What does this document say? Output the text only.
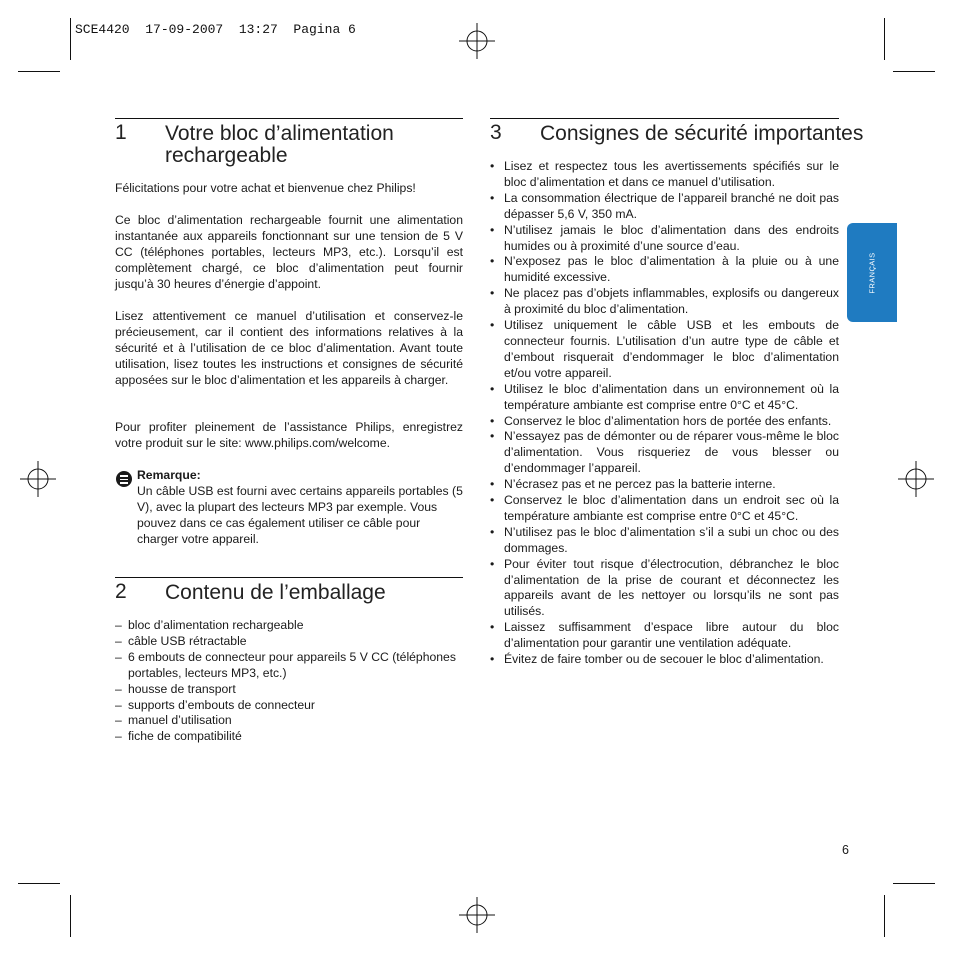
SCE4420  17-09-2007  13:27  Pagina 6
FRANÇAIS
1 Votre bloc d’alimentation
rechargeable

Félicitations pour votre achat et bienvenue chez Philips!

Ce bloc d’alimentation rechargeable fournit une alimentation instantanée aux appareils fonctionnant sur une tension de 5 V CC (téléphones portables, lecteurs MP3, etc.). Lorsqu’il est complètement chargé, ce bloc d’alimentation peut fournir jusqu’à 30 heures d’énergie d’appoint.

Lisez attentivement ce manuel d’utilisation et conservez-le précieusement, car il contient des informations relatives à la sécurité et à l’utilisation de ce bloc d’alimentation. Avant toute utilisation, lisez toutes les instructions et consignes de sécurité apposées sur le bloc d’alimentation et les appareils à charger.

Pour profiter pleinement de l’assistance Philips, enregistrez votre produit sur le site: www.philips.com/welcome.

Remarque:

Un câble USB est fourni avec certains appareils portables (5 V), avec la plupart des lecteurs MP3 par exemple. Vous pouvez dans ce cas également utiliser ce câble pour charger votre appareil.

2 Contenu de l’emballage
– bloc d’alimentation rechargeable
– câble USB rétractable
– 6 embouts de connecteur pour appareils 5 V CC (téléphones portables, lecteurs MP3, etc.)
– housse de transport
– supports d’embouts de connecteur
– manuel d’utilisation
– fiche de compatibilité
3 Consignes de sécurité importantes
• Lisez et respectez tous les avertissements spécifiés sur le bloc d’alimentation et dans ce manuel d’utilisation.
• La consommation électrique de l’appareil branché ne doit pas dépasser 5,6 V, 350 mA.
• N’utilisez jamais le bloc d’alimentation dans des endroits humides ou à proximité d’une source d’eau.
• N’exposez pas le bloc d’alimentation à la pluie ou à une humidité excessive.
• Ne placez pas d’objets inflammables, explosifs ou dangereux à proximité du bloc d’alimentation.
• Utilisez uniquement le câble USB et les embouts de connecteur fournis. L’utilisation d’un autre type de câble et d’embout risquerait d’endommager le bloc d’alimentation et/ou votre appareil.
• Utilisez le bloc d’alimentation dans un environnement où la température ambiante est comprise entre 0°C et 45°C.
• Conservez le bloc d’alimentation hors de portée des enfants.
• N’essayez pas de démonter ou de réparer vous-même le bloc d’alimentation. Vous risqueriez de vous blesser ou d’endommager l’appareil.
• N’écrasez pas et ne percez pas la batterie interne.
• Conservez le bloc d’alimentation dans un endroit sec où la température ambiante est comprise entre 0°C et 45°C.
• N’utilisez pas le bloc d’alimentation s’il a subi un choc ou des dommages.
• Pour éviter tout risque d’électrocution, débranchez le bloc d’alimentation de la prise de courant et déconnectez les appareils avant de les nettoyer ou lorsqu’ils ne sont pas utilisés.
• Laissez suffisamment d’espace libre autour du bloc d’alimentation pour garantir une ventilation adéquate.
• Évitez de faire tomber ou de secouer le bloc d’alimentation.
6
